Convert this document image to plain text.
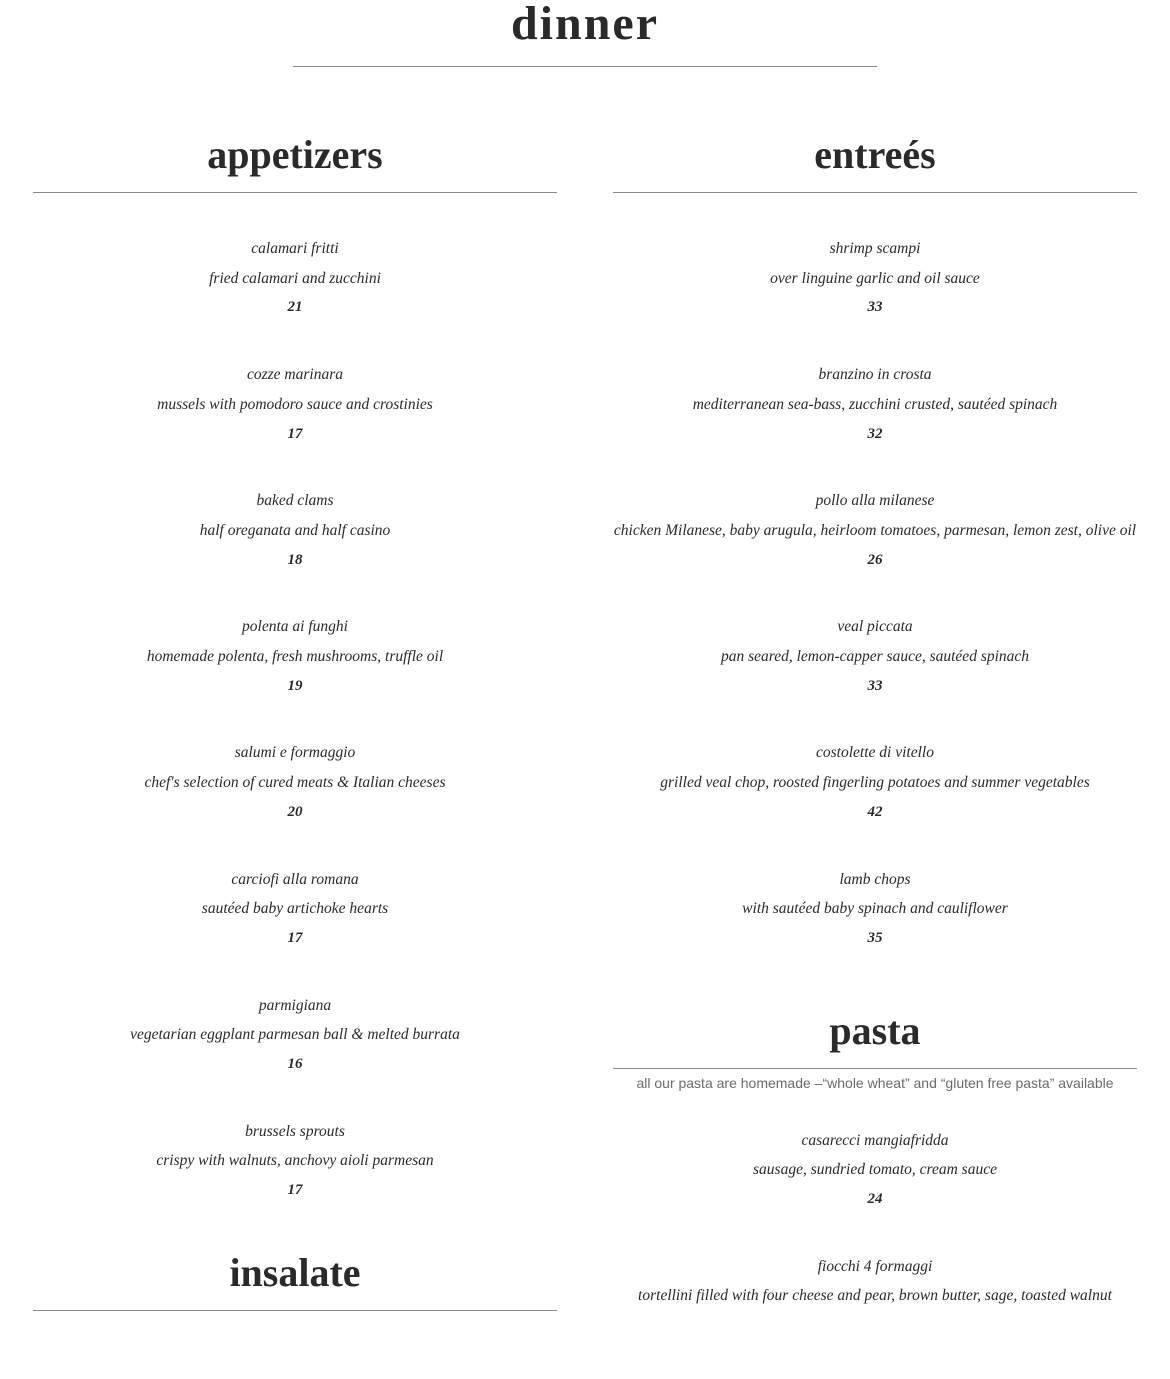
dinner
appetizers
calamari fritti
fried calamari and zucchini
21
cozze marinara
mussels with pomodoro sauce and crostinies
17
baked clams
half oreganata and half casino
18
polenta ai funghi
homemade polenta, fresh mushrooms, truffle oil
19
salumi e formaggio
chef's selection of cured meats & Italian cheeses
20
carciofi alla romana
sautéed baby artichoke hearts
17
parmigiana
vegetarian eggplant parmesan ball & melted burrata
16
brussels sprouts
crispy with walnuts, anchovy aioli parmesan
17
insalate
entreés
shrimp scampi
over linguine garlic and oil sauce
33
branzino in crosta
mediterranean sea-bass, zucchini crusted, sautéed spinach
32
pollo alla milanese
chicken Milanese, baby arugula, heirloom tomatoes, parmesan, lemon zest, olive oil
26
veal piccata
pan seared, lemon-capper sauce, sautéed spinach
33
costolette di vitello
grilled veal chop, roosted fingerling potatoes and summer vegetables
42
lamb chops
with sautéed baby spinach and cauliflower
35
pasta
all our pasta are homemade –“whole wheat” and “gluten free pasta” available
casarecci mangiafridda
sausage, sundried tomato, cream sauce
24
fiocchi 4 formaggi
tortellini filled with four cheese and pear, brown butter, sage, toasted walnut
